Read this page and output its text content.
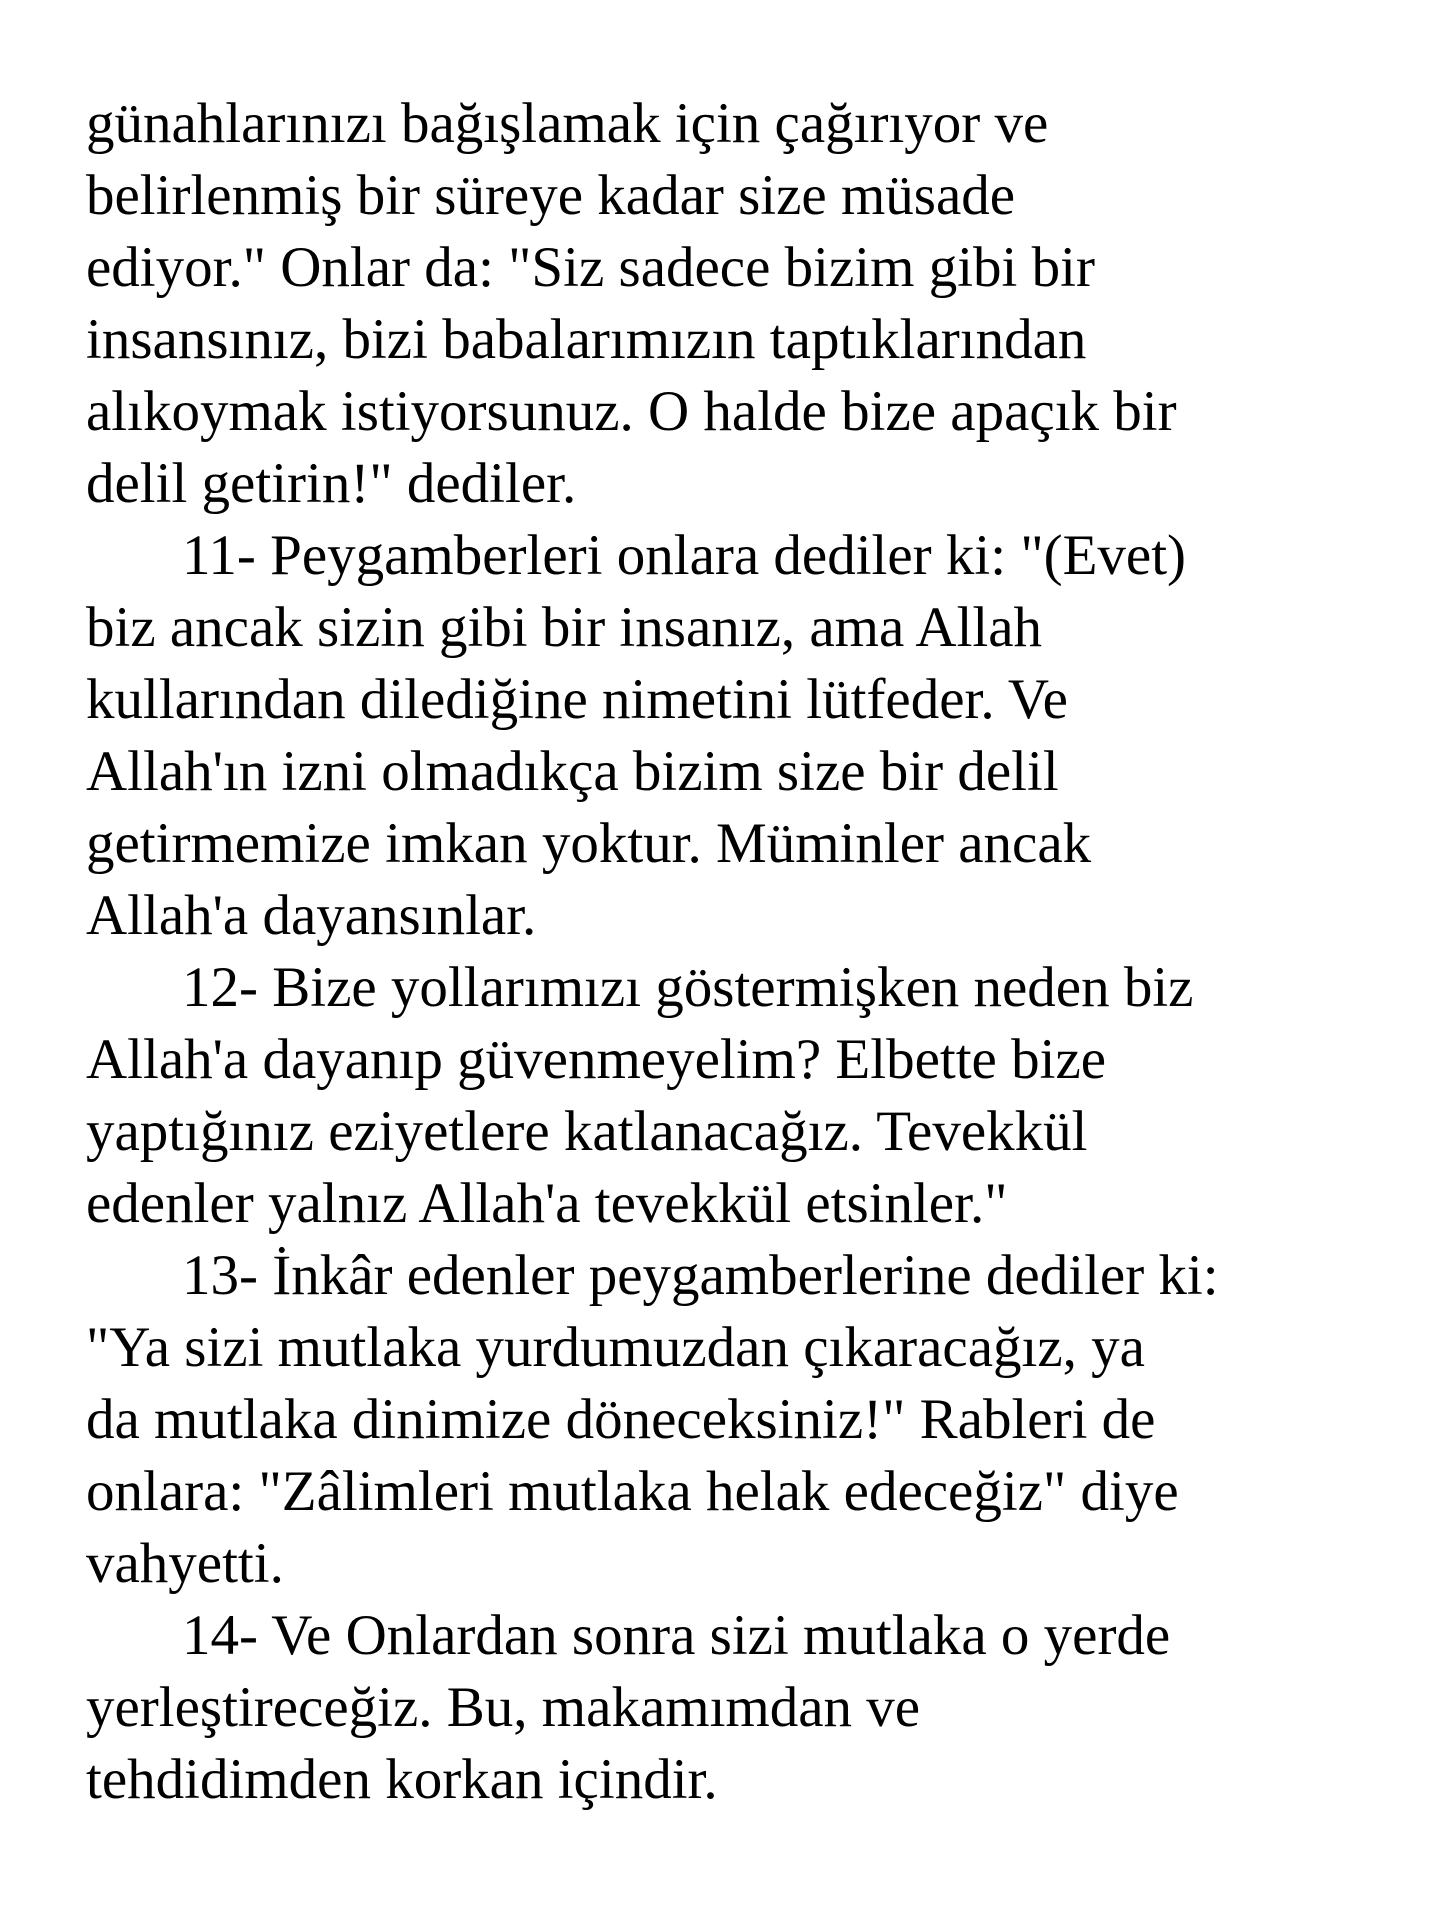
günahlarınızı bağışlamak için çağırıyor ve
belirlenmiş bir süreye kadar size müsade
ediyor." Onlar da: "Siz sadece bizim gibi bir
insansınız, bizi babalarımızın taptıklarından
alıkoymak istiyorsunuz. O halde bize apaçık bir
delil getirin!" dediler.

11- Peygamberleri onlara dediler ki: "(Evet)
biz ancak sizin gibi bir insanız, ama Allah
kullarından dilediğine nimetini lütfeder. Ve
Allah'ın izni olmadıkça bizim size bir delil
getirmemize imkan yoktur. Müminler ancak
Allah'a dayansınlar.

12- Bize yollarımızı göstermişken neden biz
Allah'a dayanıp güvenmeyelim? Elbette bize
yaptığınız eziyetlere katlanacağız. Tevekkül
edenler yalnız Allah'a tevekkül etsinler."

13- İnkâr edenler peygamberlerine dediler ki:
"Ya sizi mutlaka yurdumuzdan çıkaracağız, ya
da mutlaka dinimize döneceksiniz!" Rableri de
onlara: "Zâlimleri mutlaka helak edeceğiz" diye
vahyetti.

14- Ve Onlardan sonra sizi mutlaka o yerde
yerleştireceğiz. Bu, makamımdan ve
tehdidimden korkan içindir.
